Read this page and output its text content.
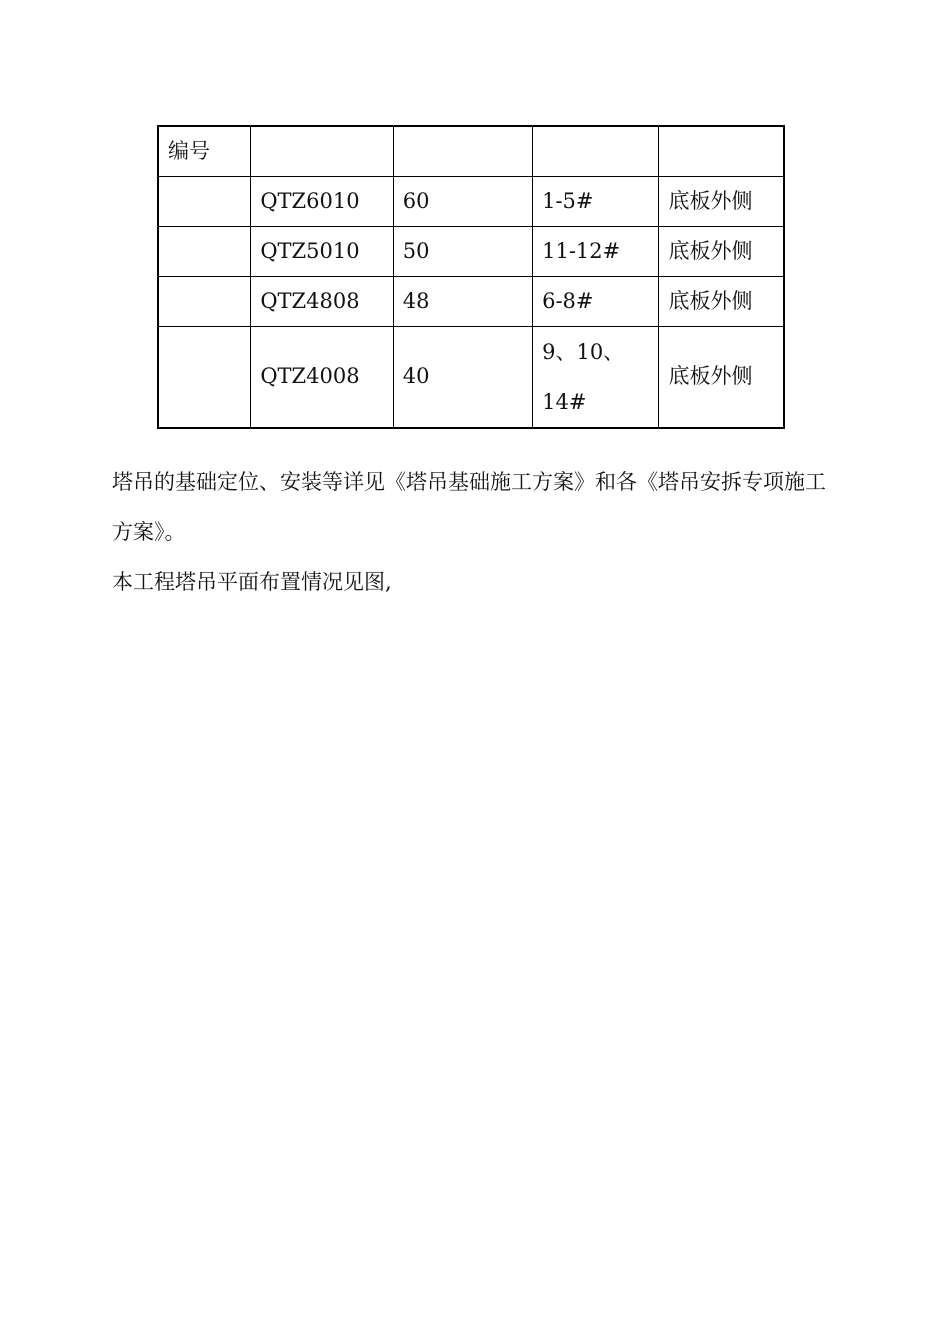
编号				
	QTZ6010	60	1-5#	底板外侧
	QTZ5010	50	11-12#	底板外侧
	QTZ4808	48	6-8#	底板外侧
	QTZ4008	40	9、10、14#	底板外侧

塔吊的基础定位、安装等详见《塔吊基础施工方案》和各《塔吊安拆专项施工方案》。

本工程塔吊平面布置情况见图,
